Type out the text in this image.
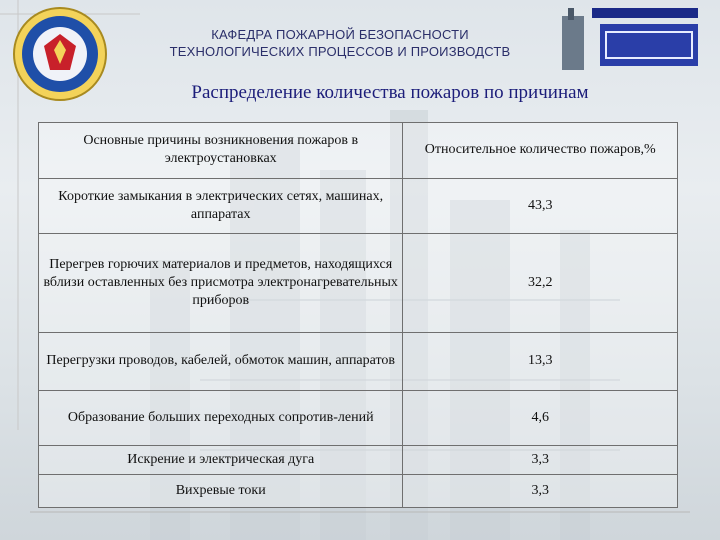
КАФЕДРА ПОЖАРНОЙ БЕЗОПАСНОСТИ
ТЕХНОЛОГИЧЕСКИХ ПРОЦЕССОВ И ПРОИЗВОДСТВ
Распределение количества пожаров по причинам
Основные причины возникновения пожаров в электроустановках	Относительное количество пожаров,%
Короткие замыкания в электрических сетях, машинах, аппаратах	43,3
Перегрев горючих материалов и предметов, находящихся вблизи оставленных без присмотра электронагревательных приборов	32,2
Перегрузки проводов, кабелей, обмоток машин, аппаратов	13,3
Образование больших переходных сопротив-лений	4,6
Искрение и электрическая дуга	3,3
Вихревые токи	3,3
